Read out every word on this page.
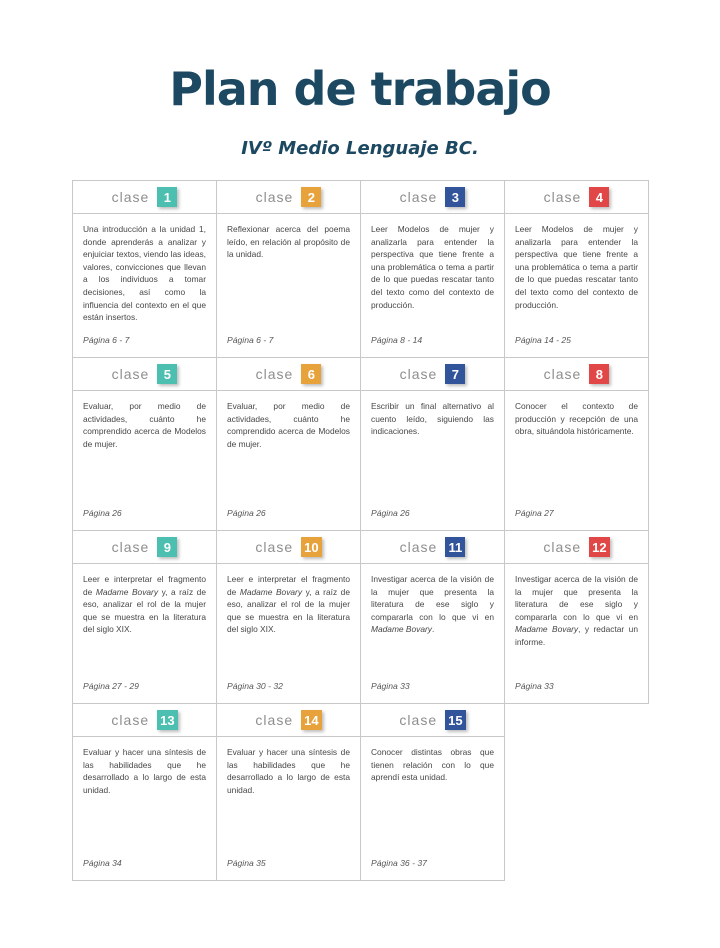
Plan de trabajo
IVº Medio Lenguaje BC.
clase	1
Una introducción a la unidad 1, donde aprenderás a analizar y enjuiciar textos, viendo las ideas, valores, convicciones que llevan a los individuos a tomar decisiones, así como la influencia del contexto en el que están insertos.
Página 6 - 7
clase	2
Reflexionar acerca del poema leído, en relación al propósito de la unidad.
Página 6 - 7
clase	3
Leer Modelos de mujer y analizarla para entender la perspectiva que tiene frente a una problemática o tema a partir de lo que puedas rescatar tanto del texto como del contexto de producción.
Página 8 - 14
clase	4
Leer Modelos de mujer y analizarla para entender la perspectiva que tiene frente a una problemática o tema a partir de lo que puedas rescatar tanto del texto como del contexto de producción.
Página 14 - 25
clase	5
Evaluar, por medio de actividades, cuánto he comprendido acerca de Modelos de mujer.
Página 26
clase	6
Evaluar, por medio de actividades, cuánto he comprendido acerca de Modelos de mujer.
Página 26
clase	7
Escribir un final alternativo al cuento leído, siguiendo las indicaciones.
Página 26
clase	8
Conocer el contexto de producción y recepción de una obra, situándola históricamente.
Página 27
clase	9
Leer e interpretar el fragmento de Madame Bovary y, a raíz de eso, analizar el rol de la mujer que se muestra en la literatura del siglo XIX.
Página 27 - 29
clase 10
Leer e interpretar el fragmento de Madame Bovary y, a raíz de eso, analizar el rol de la mujer que se muestra en la literatura del siglo XIX.
Página 30 - 32
clase 11
Investigar acerca de la visión de la mujer que presenta la literatura de ese siglo y compararla con lo que vi en Madame Bovary.
Página 33
clase 12
Investigar acerca de la visión de la mujer que presenta la literatura de ese siglo y compararla con lo que vi en Madame Bovary, y redactar un informe.
Página 33
clase 13
Evaluar y hacer una síntesis de las habilidades que he desarrollado a lo largo de esta unidad.
Página 34
clase 14
Evaluar y hacer una síntesis de las habilidades que he desarrollado a lo largo de esta unidad.
Página 35
clase 15
Conocer distintas obras que tienen relación con lo que aprendí esta unidad.
Página 36 - 37
